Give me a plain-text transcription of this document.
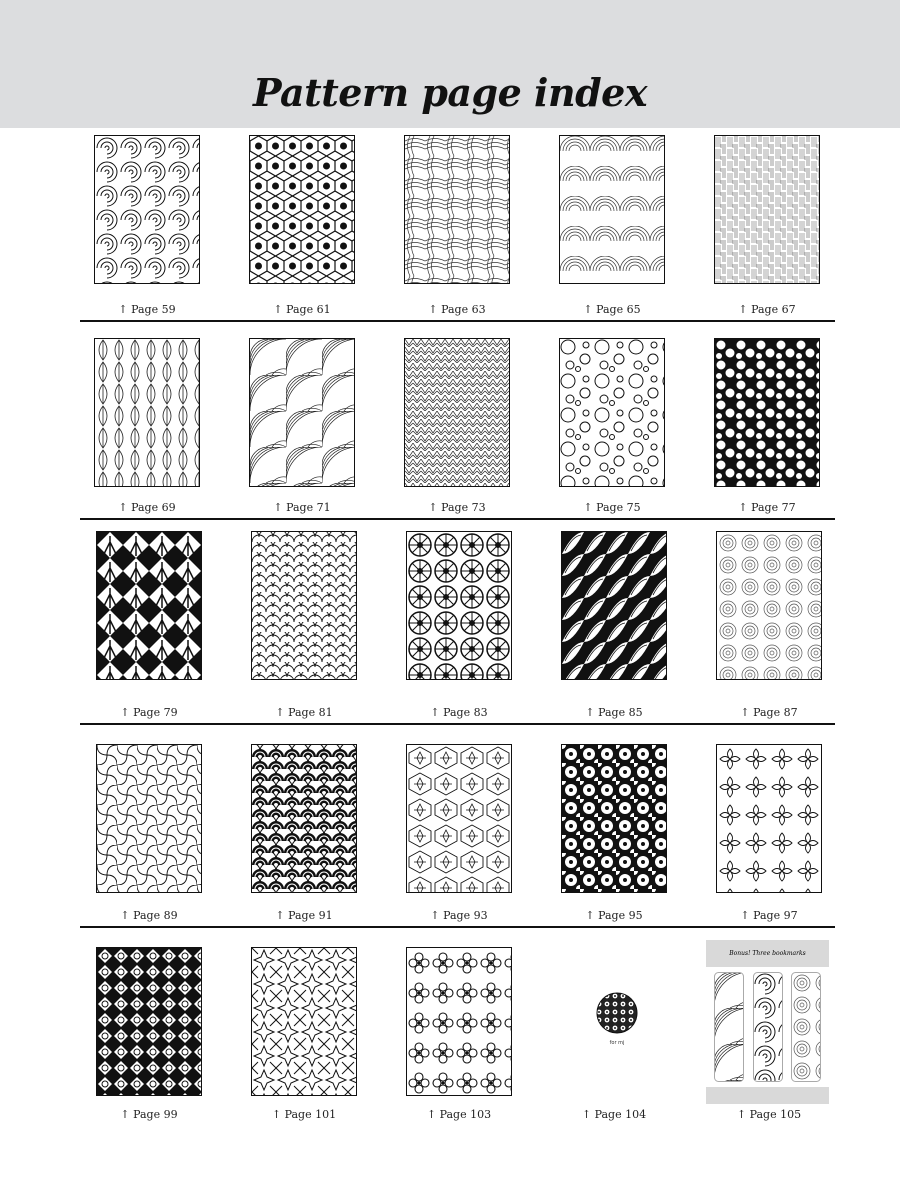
Pattern page index
↑ Page 59	↑ Page 61	↑ Page 63	↑ Page 65	↑ Page 67
↑ Page 69	↑ Page 71	↑ Page 73	↑ Page 75	↑ Page 77
↑ Page 79	↑ Page 81	↑ Page 83	↑ Page 85	↑ Page 87
↑ Page 89	↑ Page 91	↑ Page 93	↑ Page 95	↑ Page 97
↑ Page 99	↑ Page 101	↑ Page 103
for mj
↑ Page 104
Bonus! Three bookmarks
↑ Page 105
